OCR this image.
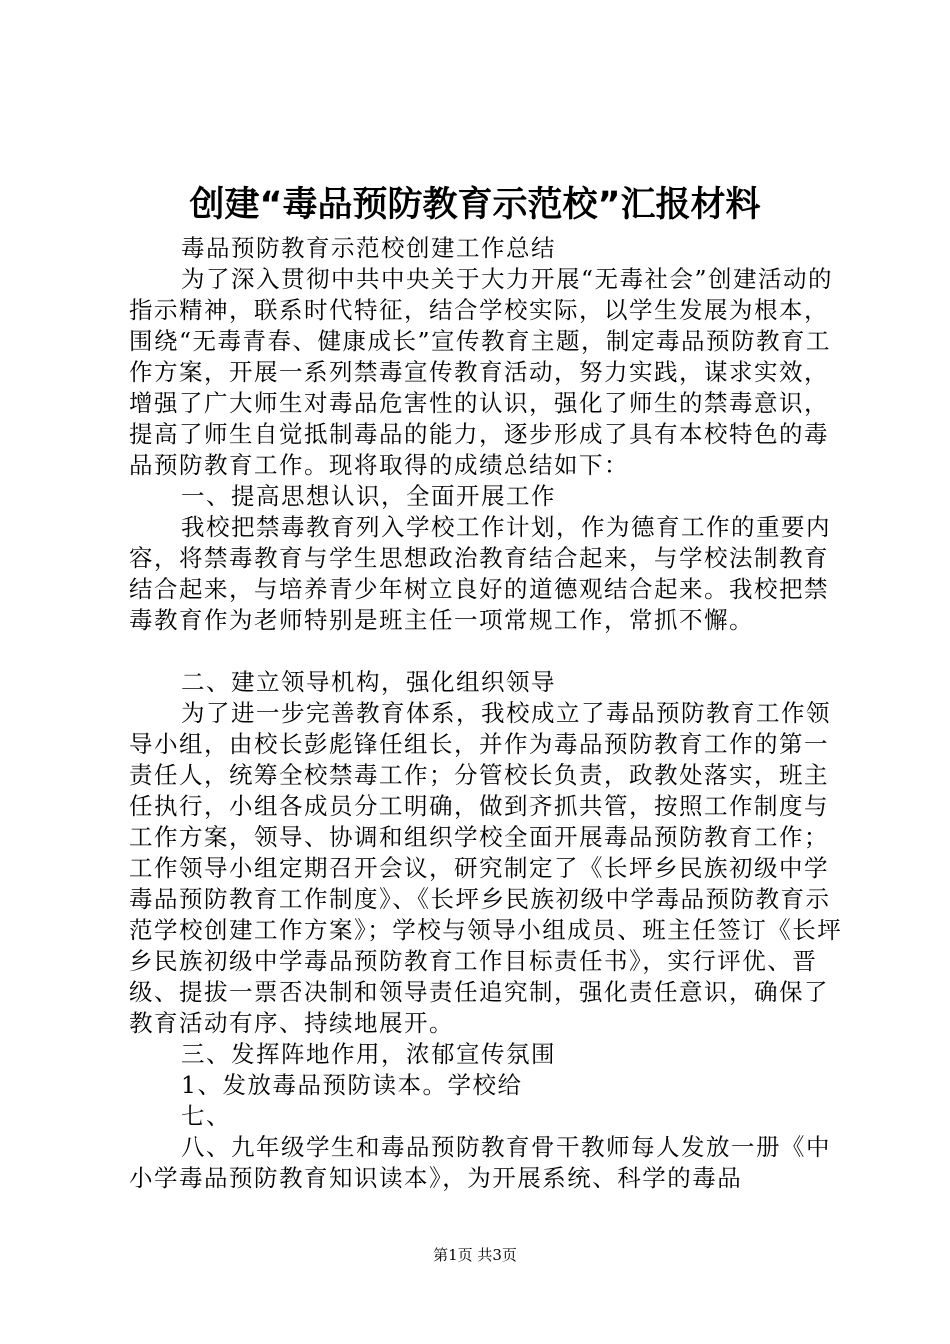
创建“毒品预防教育示范校”汇报材料

毒品预防教育示范校创建工作总结

为了深入贯彻中共中央关于大力开展“无毒社会”创建活动的指示精神，联系时代特征，结合学校实际，以学生发展为根本，围绕“无毒青春、健康成长”宣传教育主题，制定毒品预防教育工作方案，开展一系列禁毒宣传教育活动，努力实践，谋求实效，增强了广大师生对毒品危害性的认识，强化了师生的禁毒意识，提高了师生自觉抵制毒品的能力，逐步形成了具有本校特色的毒品预防教育工作。现将取得的成绩总结如下：

一、提高思想认识，全面开展工作

我校把禁毒教育列入学校工作计划，作为德育工作的重要内容，将禁毒教育与学生思想政治教育结合起来，与学校法制教育结合起来，与培养青少年树立良好的道德观结合起来。我校把禁毒教育作为老师特别是班主任一项常规工作，常抓不懈。

二、建立领导机构，强化组织领导

为了进一步完善教育体系，我校成立了毒品预防教育工作领导小组，由校长彭彪锋任组长，并作为毒品预防教育工作的第一责任人，统筹全校禁毒工作；分管校长负责，政教处落实，班主任执行，小组各成员分工明确，做到齐抓共管，按照工作制度与工作方案，领导、协调和组织学校全面开展毒品预防教育工作；工作领导小组定期召开会议，研究制定了《长坪乡民族初级中学毒品预防教育工作制度》、《长坪乡民族初级中学毒品预防教育示范学校创建工作方案》；学校与领导小组成员、班主任签订《长坪乡民族初级中学毒品预防教育工作目标责任书》，实行评优、晋级、提拔一票否决制和领导责任追究制，强化责任意识，确保了教育活动有序、持续地展开。

三、发挥阵地作用，浓郁宣传氛围

1、发放毒品预防读本。学校给

七、

八、九年级学生和毒品预防教育骨干教师每人发放一册《中小学毒品预防教育知识读本》，为开展系统、科学的毒品

第1页 共3页
